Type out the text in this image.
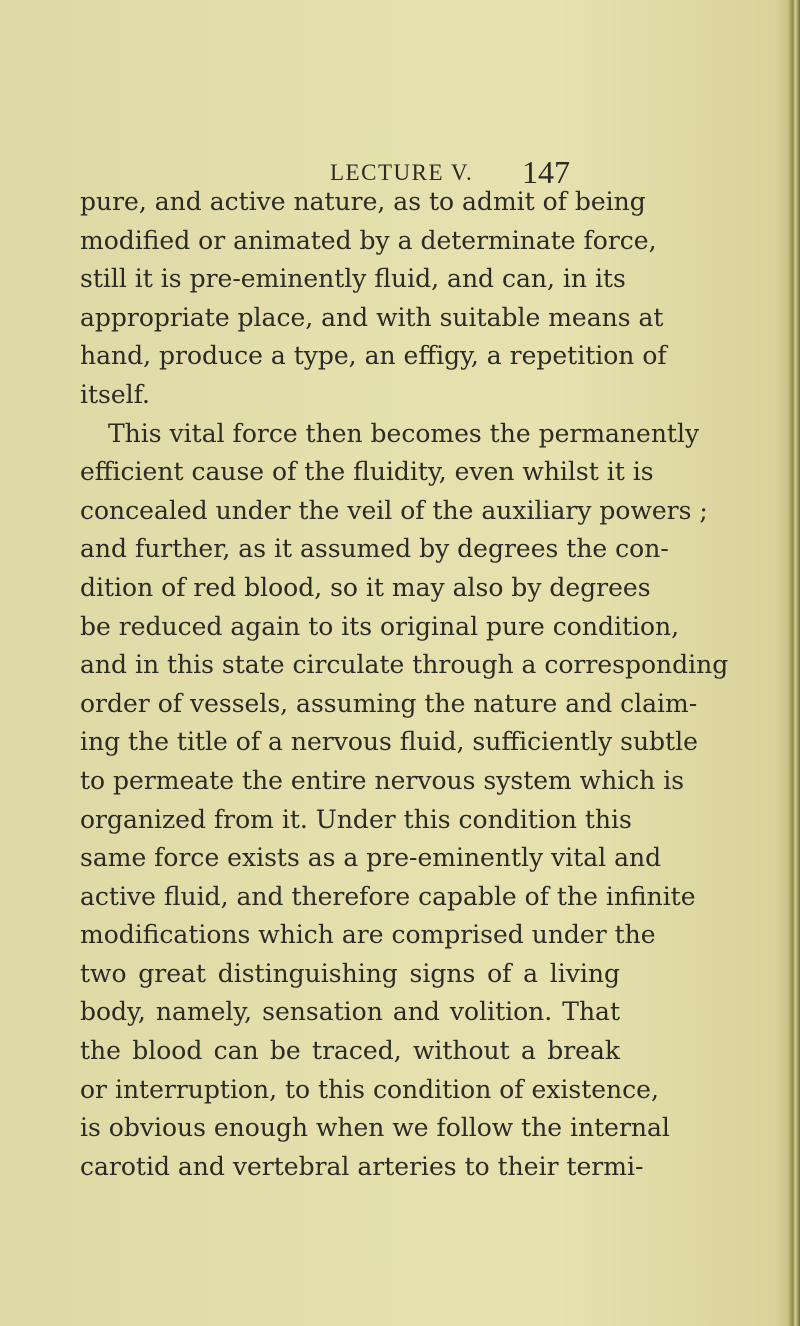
LECTURE V. 147
pure, and active nature, as to admit of being
modified or animated by a determinate force,
still it is pre-eminently fluid, and can, in its
appropriate place, and with suitable means at
hand, produce a type, an effigy, a repetition of
itself.
This vital force then becomes the permanently
efficient cause of the fluidity, even whilst it is
concealed under the veil of the auxiliary powers ;
and further, as it assumed by degrees the con-
dition of red blood, so it may also by degrees
be reduced again to its original pure condition,
and in this state circulate through a corresponding
order of vessels, assuming the nature and claim-
ing the title of a nervous fluid, sufficiently subtle
to permeate the entire nervous system which is
organized from it. Under this condition this
same force exists as a pre-eminently vital and
active fluid, and therefore capable of the infinite
modifications which are comprised under the
two great distinguishing signs of a living
body, namely, sensation and volition. That
the blood can be traced, without a break
or interruption, to this condition of existence,
is obvious enough when we follow the internal
carotid and vertebral arteries to their termi-
